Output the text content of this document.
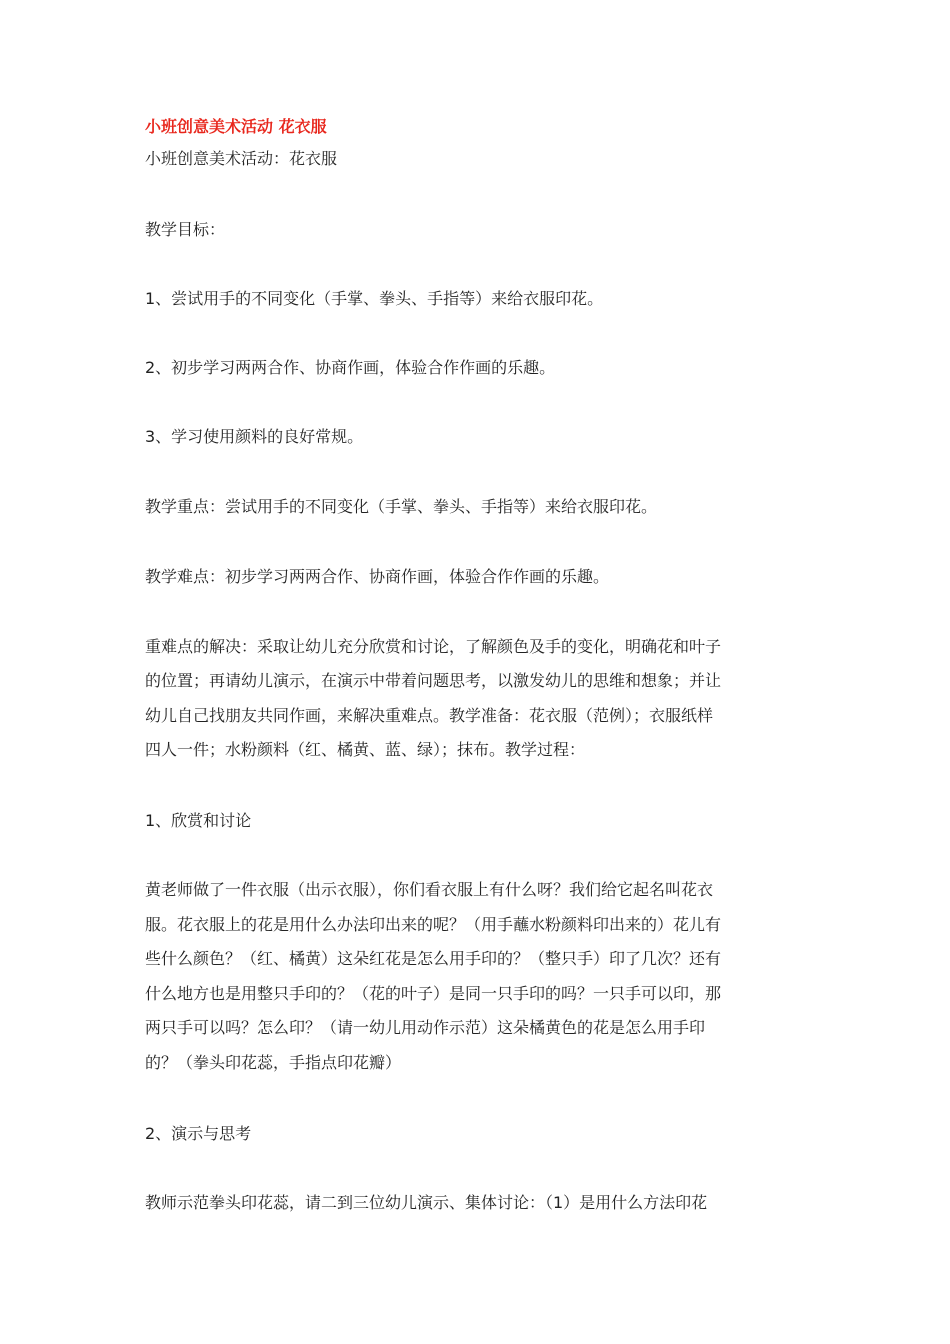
小班创意美术活动 花衣服
小班创意美术活动：花衣服
教学目标：
1、尝试用手的不同变化（手掌、拳头、手指等）来给衣服印花。
2、初步学习两两合作、协商作画，体验合作作画的乐趣。
3、学习使用颜料的良好常规。
教学重点：尝试用手的不同变化（手掌、拳头、手指等）来给衣服印花。
教学难点：初步学习两两合作、协商作画，体验合作作画的乐趣。
重难点的解决：采取让幼儿充分欣赏和讨论，了解颜色及手的变化，明确花和叶子
的位置；再请幼儿演示，在演示中带着问题思考，以激发幼儿的思维和想象；并让
幼儿自己找朋友共同作画，来解决重难点。教学准备：花衣服（范例）；衣服纸样
四人一件；水粉颜料（红、橘黄、蓝、绿）；抹布。教学过程：
1、欣赏和讨论
黄老师做了一件衣服（出示衣服），你们看衣服上有什么呀？我们给它起名叫花衣
服。花衣服上的花是用什么办法印出来的呢？（用手蘸水粉颜料印出来的）花儿有
些什么颜色？（红、橘黄）这朵红花是怎么用手印的？（整只手）印了几次？还有
什么地方也是用整只手印的？（花的叶子）是同一只手印的吗？一只手可以印，那
两只手可以吗？怎么印？（请一幼儿用动作示范）这朵橘黄色的花是怎么用手印
的？（拳头印花蕊，手指点印花瓣）
2、演示与思考
教师示范拳头印花蕊，请二到三位幼儿演示、集体讨论：（1）是用什么方法印花
